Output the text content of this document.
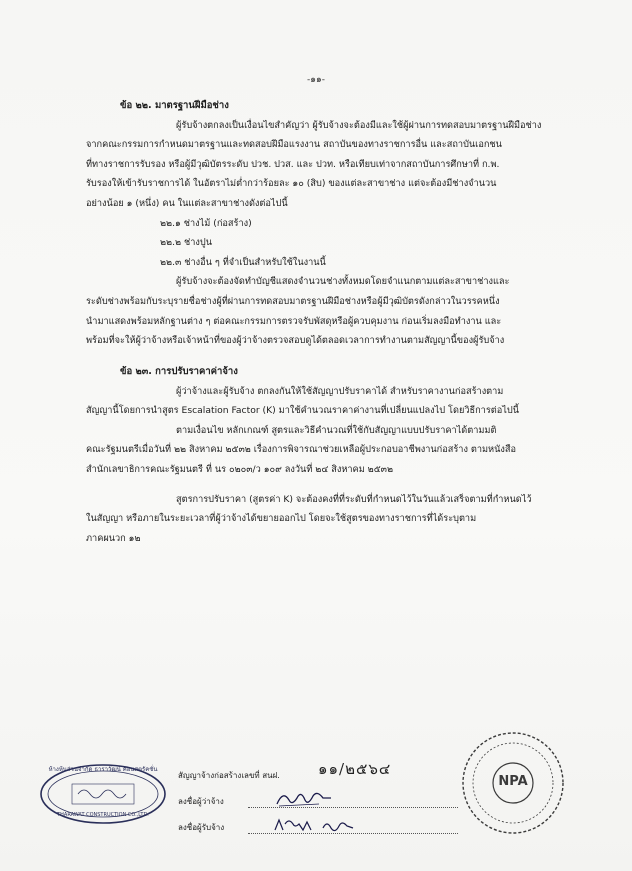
-๑๑-
ข้อ ๒๒. มาตรฐานฝีมือช่าง
ผู้รับจ้างตกลงเป็นเงื่อนไขสำคัญว่า ผู้รับจ้างจะต้องมีและใช้ผู้ผ่านการทดสอบมาตรฐานฝีมือช่าง
จากคณะกรรมการกำหนดมาตรฐานและทดสอบฝีมือแรงงาน สถาบันของทางราชการอื่น และสถาบันเอกชน
ที่ทางราชการรับรอง หรือผู้มีวุฒิบัตรระดับ ปวช. ปวส. และ ปวท. หรือเทียบเท่าจากสถาบันการศึกษาที่ ก.พ.
รับรองให้เข้ารับราชการได้ ในอัตราไม่ต่ำกว่าร้อยละ ๑๐ (สิบ) ของแต่ละสาขาช่าง แต่จะต้องมีช่างจำนวน
อย่างน้อย ๑ (หนึ่ง) คน ในแต่ละสาขาช่างดังต่อไปนี้
๒๒.๑ ช่างไม้ (ก่อสร้าง)
๒๒.๒ ช่างปูน
๒๒.๓ ช่างอื่น ๆ ที่จำเป็นสำหรับใช้ในงานนี้
ผู้รับจ้างจะต้องจัดทำบัญชีแสดงจำนวนช่างทั้งหมดโดยจำแนกตามแต่ละสาขาช่างและ
ระดับช่างพร้อมกับระบุรายชื่อช่างผู้ที่ผ่านการทดสอบมาตรฐานฝีมือช่างหรือผู้มีวุฒิบัตรดังกล่าวในวรรคหนึ่ง
นำมาแสดงพร้อมหลักฐานต่าง ๆ ต่อคณะกรรมการตรวจรับพัสดุหรือผู้ควบคุมงาน ก่อนเริ่มลงมือทำงาน และ
พร้อมที่จะให้ผู้ว่าจ้างหรือเจ้าหน้าที่ของผู้ว่าจ้างตรวจสอบดูได้ตลอดเวลาการทำงานตามสัญญานี้ของผู้รับจ้าง
ข้อ ๒๓. การปรับราคาค่าจ้าง
ผู้ว่าจ้างและผู้รับจ้าง ตกลงกันให้ใช้สัญญาปรับราคาได้ สำหรับราคางานก่อสร้างตาม
สัญญานี้โดยการนำสูตร Escalation Factor (K) มาใช้คำนวณราคาค่างานที่เปลี่ยนแปลงไป โดยวิธีการต่อไปนี้
ตามเงื่อนไข หลักเกณฑ์ สูตรและวิธีคำนวณที่ใช้กับสัญญาแบบปรับราคาได้ตามมติ
คณะรัฐมนตรีเมื่อวันที่ ๒๒ สิงหาคม ๒๕๓๒ เรื่องการพิจารณาช่วยเหลือผู้ประกอบอาชีพงานก่อสร้าง ตามหนังสือ
สำนักเลขาธิการคณะรัฐมนตรี ที่ นร ๐๒๐๓/ว ๑๐๙ ลงวันที่ ๒๔ สิงหาคม ๒๕๓๒
สูตรการปรับราคา (สูตรค่า K) จะต้องคงที่ที่ระดับที่กำหนดไว้ในวันแล้วเสร็จตามที่กำหนดไว้
ในสัญญา หรือภายในระยะเวลาที่ผู้ว่าจ้างได้ขยายออกไป โดยจะใช้สูตรของทางราชการที่ได้ระบุตาม
ภาคผนวก ๑๒
ห้างหุ้นส่วนจำกัด ธาราวัฒน์ คอนสตรัคชั่น
THARAWAT CONSTRUCTION CO.,LTD.
สัญญาจ้างก่อสร้างเลขที่ สนฝ.	๑๑/๒๕๖๔
ลงชื่อผู้ว่าจ้าง
ลงชื่อผู้รับจ้าง
NPA
